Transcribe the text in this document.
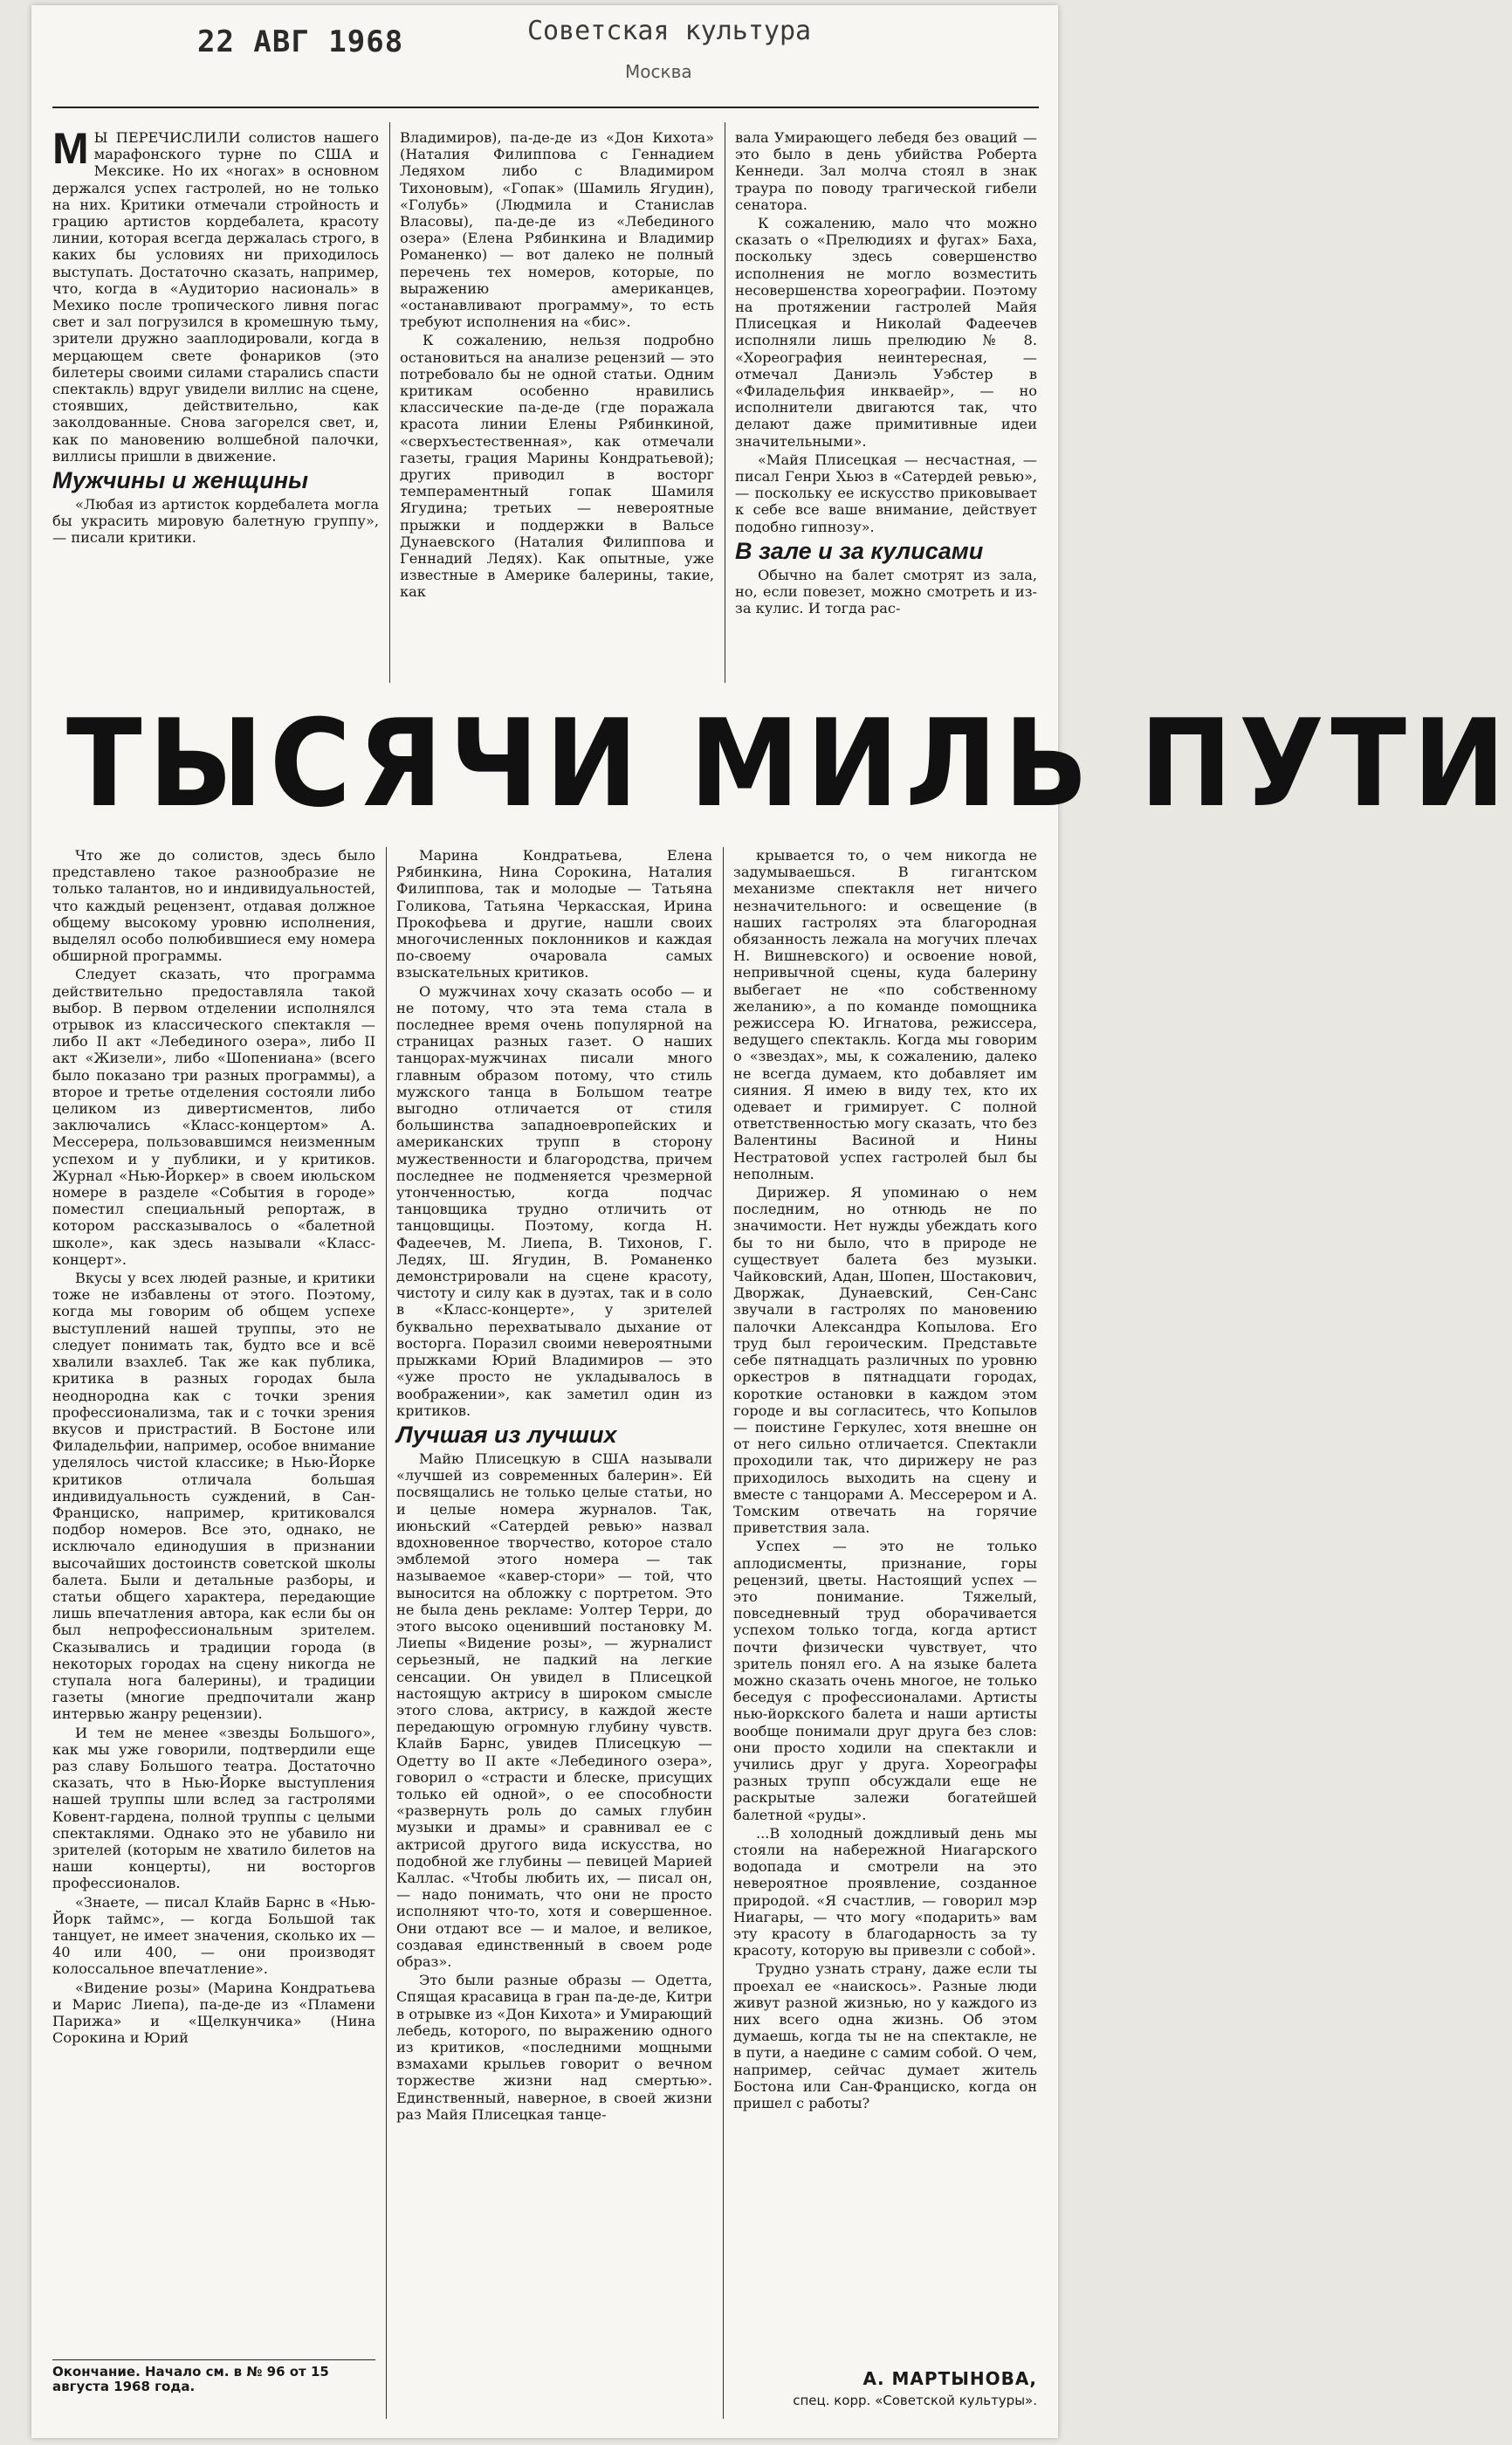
22 АВГ 1968	Советская культура
Москва

М Ы ПЕРЕЧИСЛИЛИ солистов нашего марафонского турне по США и Мексике. Но их «ногах» в основном держался успех гастролей, но не только на них. Критики отмечали стройность и грацию артистов кордебалета, красоту линии, которая всегда держалась строго, в каких бы условиях ни приходилось выступать. Достаточно сказать, например, что, когда в «Аудиторио насиональ» в Мехико после тропического ливня погас свет и зал погрузился в кромешную тьму, зрители дружно зааплодировали, когда в мерцающем свете фонариков (это билетеры своими силами старались спасти спектакль) вдруг увидели виллис на сцене, стоявших, действительно, как заколдованные. Снова загорелся свет, и, как по мановению волшебной палочки, виллисы пришли в движение.

Мужчины и женщины

«Любая из артисток кордебалета могла бы украсить мировую балетную группу», — писали критики.

Владимиров), па-де-де из «Дон Кихота» (Наталия Филиппова с Геннадием Ледяхом либо с Владимиром Тихоновым), «Гопак» (Шамиль Ягудин), «Голубь» (Людмила и Станислав Власовы), па-де-де из «Лебединого озера» (Елена Рябинкина и Владимир Романенко) — вот далеко не полный перечень тех номеров, которые, по выражению американцев, «останавливают программу», то есть требуют исполнения на «бис».

К сожалению, нельзя подробно остановиться на анализе рецензий — это потребовало бы не одной статьи. Одним критикам особенно нравились классические па-де-де (где поражала красота линии Елены Рябинкиной, «сверхъестественная», как отмечали газеты, грация Марины Кондратьевой); других приводил в восторг темпераментный гопак Шамиля Ягудина; третьих — невероятные прыжки и поддержки в Вальсе Дунаевского (Наталия Филиппова и Геннадий Ледях). Как опытные, уже известные в Америке балерины, такие, как

вала Умирающего лебедя без оваций — это было в день убийства Роберта Кеннеди. Зал молча стоял в знак траура по поводу трагической гибели сенатора.

К сожалению, мало что можно сказать о «Прелюдиях и фугах» Баха, поскольку здесь совершенство исполнения не могло возместить несовершенства хореографии. Поэтому на протяжении гастролей Майя Плисецкая и Николай Фадеечев исполняли лишь прелюдию № 8. «Хореография неинтересная, — отмечал Даниэль Уэбстер в «Филадельфия инкваейр», — но исполнители двигаются так, что делают даже примитивные идеи значительными».

«Майя Плисецкая — несчастная, — писал Генри Хьюз в «Сатердей ревью», — поскольку ее искусство приковывает к себе все ваше внимание, действует подобно гипнозу».

В зале и за кулисами

Обычно на балет смотрят из зала, но, если повезет, можно смотреть и из-за кулис. И тогда рас-

ТЫСЯЧИ МИЛЬ ПУТИ

Что же до солистов, здесь было представлено такое разнообразие не только талантов, но и индивидуальностей, что каждый рецензент, отдавая должное общему высокому уровню исполнения, выделял особо полюбившиеся ему номера обширной программы.

Следует сказать, что программа действительно предоставляла такой выбор. В первом отделении исполнялся отрывок из классического спектакля — либо II акт «Лебединого озера», либо II акт «Жизели», либо «Шопениана» (всего было показано три разных программы), а второе и третье отделения состояли либо целиком из дивертисментов, либо заключались «Класс-концертом» А. Мессерера, пользовавшимся неизменным успехом и у публики, и у критиков. Журнал «Нью-Йоркер» в своем июльском номере в разделе «События в городе» поместил специальный репортаж, в котором рассказывалось о «балетной школе», как здесь называли «Класс-концерт».

Вкусы у всех людей разные, и критики тоже не избавлены от этого. Поэтому, когда мы говорим об общем успехе выступлений нашей труппы, это не следует понимать так, будто все и всё хвалили взахлеб. Так же как публика, критика в разных городах была неоднородна как с точки зрения профессионализма, так и с точки зрения вкусов и пристрастий. В Бостоне или Филадельфии, например, особое внимание уделялось чистой классике; в Нью-Йорке критиков отличала большая индивидуальность суждений, в Сан-Франциско, например, критиковался подбор номеров. Все это, однако, не исключало единодушия в признании высочайших достоинств советской школы балета. Были и детальные разборы, и статьи общего характера, передающие лишь впечатления автора, как если бы он был непрофессиональным зрителем. Сказывались и традиции города (в некоторых городах на сцену никогда не ступала нога балерины), и традиции газеты (многие предпочитали жанр интервью жанру рецензии).

И тем не менее «звезды Большого», как мы уже говорили, подтвердили еще раз славу Большого театра. Достаточно сказать, что в Нью-Йорке выступления нашей труппы шли вслед за гастролями Ковент-гардена, полной труппы с целыми спектаклями. Однако это не убавило ни зрителей (которым не хватило билетов на наши концерты), ни восторгов профессионалов.

«Знаете, — писал Клайв Барнс в «Нью-Йорк таймс», — когда Большой так танцует, не имеет значения, сколько их — 40 или 400, — они производят колоссальное впечатление».

«Видение розы» (Марина Кондратьева и Марис Лиепа), па-де-де из «Пламени Парижа» и «Щелкунчика» (Нина Сорокина и Юрий

Марина Кондратьева, Елена Рябинкина, Нина Сорокина, Наталия Филиппова, так и молодые — Татьяна Голикова, Татьяна Черкасская, Ирина Прокофьева и другие, нашли своих многочисленных поклонников и каждая по-своему очаровала самых взыскательных критиков.

О мужчинах хочу сказать особо — и не потому, что эта тема стала в последнее время очень популярной на страницах разных газет. О наших танцорах-мужчинах писали много главным образом потому, что стиль мужского танца в Большом театре выгодно отличается от стиля большинства западноевропейских и американских трупп в сторону мужественности и благородства, причем последнее не подменяется чрезмерной утонченностью, когда подчас танцовщика трудно отличить от танцовщицы. Поэтому, когда Н. Фадеечев, М. Лиепа, В. Тихонов, Г. Ледях, Ш. Ягудин, В. Романенко демонстрировали на сцене красоту, чистоту и силу как в дуэтах, так и в соло в «Класс-концерте», у зрителей буквально перехватывало дыхание от восторга. Поразил своими невероятными прыжками Юрий Владимиров — это «уже просто не укладывалось в воображении», как заметил один из критиков.

Лучшая из лучших

Майю Плисецкую в США называли «лучшей из современных балерин». Ей посвящались не только целые статьи, но и целые номера журналов. Так, июньский «Сатердей ревью» назвал вдохновенное творчество, которое стало эмблемой этого номера — так называемое «кавер-стори» — той, что выносится на обложку с портретом. Это не была день рекламе: Уолтер Терри, до этого высоко оценивший постановку М. Лиепы «Видение розы», — журналист серьезный, не падкий на легкие сенсации. Он увидел в Плисецкой настоящую актрису в широком смысле этого слова, актрису, в каждой жесте передающую огромную глубину чувств. Клайв Барнс, увидев Плисецкую — Одетту во II акте «Лебединого озера», говорил о «страсти и блеске, присущих только ей одной», о ее способности «развернуть роль до самых глубин музыки и драмы» и сравнивал ее с актрисой другого вида искусства, но подобной же глубины — певицей Марией Каллас. «Чтобы любить их, — писал он, — надо понимать, что они не просто исполняют что-то, хотя и совершенное. Они отдают все — и малое, и великое, создавая единственный в своем роде образ».

Это были разные образы — Одетта, Спящая красавица в гран па-де-де, Китри в отрывке из «Дон Кихота» и Умирающий лебедь, которого, по выражению одного из критиков, «последними мощными взмахами крыльев говорит о вечном торжестве жизни над смертью». Единственный, наверное, в своей жизни раз Майя Плисецкая танце-

крывается то, о чем никогда не задумываешься. В гигантском механизме спектакля нет ничего незначительного: и освещение (в наших гастролях эта благородная обязанность лежала на могучих плечах Н. Вишневского) и освоение новой, непривычной сцены, куда балерину выбегает не «по собственному желанию», а по команде помощника режиссера Ю. Игнатова, режиссера, ведущего спектакль. Когда мы говорим о «звездах», мы, к сожалению, далеко не всегда думаем, кто добавляет им сияния. Я имею в виду тех, кто их одевает и гримирует. С полной ответственностью могу сказать, что без Валентины Васиной и Нины Нестратовой успех гастролей был бы неполным.

Дирижер. Я упоминаю о нем последним, но отнюдь не по значимости. Нет нужды убеждать кого бы то ни было, что в природе не существует балета без музыки. Чайковский, Адан, Шопен, Шостакович, Дворжак, Дунаевский, Сен-Санс звучали в гастролях по мановению палочки Александра Копылова. Его труд был героическим. Представьте себе пятнадцать различных по уровню оркестров в пятнадцати городах, короткие остановки в каждом этом городе и вы согласитесь, что Копылов — поистине Геркулес, хотя внешне он от него сильно отличается. Спектакли проходили так, что дирижеру не раз приходилось выходить на сцену и вместе с танцорами А. Мессерером и А. Томским отвечать на горячие приветствия зала.

Успех — это не только аплодисменты, признание, горы рецензий, цветы. Настоящий успех — это понимание. Тяжелый, повседневный труд оборачивается успехом только тогда, когда артист почти физически чувствует, что зритель понял его. А на языке балета можно сказать очень многое, не только беседуя с профессионалами. Артисты нью-йоркского балета и наши артисты вообще понимали друг друга без слов: они просто ходили на спектакли и учились друг у друга. Хореографы разных трупп обсуждали еще не раскрытые залежи богатейшей балетной «руды».

...В холодный дождливый день мы стояли на набережной Ниагарского водопада и смотрели на это невероятное проявление, созданное природой. «Я счастлив, — говорил мэр Ниагары, — что могу «подарить» вам эту красоту в благодарность за ту красоту, которую вы привезли с собой».

Трудно узнать страну, даже если ты проехал ее «наискось». Разные люди живут разной жизнью, но у каждого из них всего одна жизнь. Об этом думаешь, когда ты не на спектакле, не в пути, а наедине с самим собой. О чем, например, сейчас думает житель Бостона или Сан-Франциско, когда он пришел с работы?

Окончание. Начало см. в № 96 от 15 августа 1968 года.	А. МАРТЫНОВА,
спец. корр. «Советской культуры».
